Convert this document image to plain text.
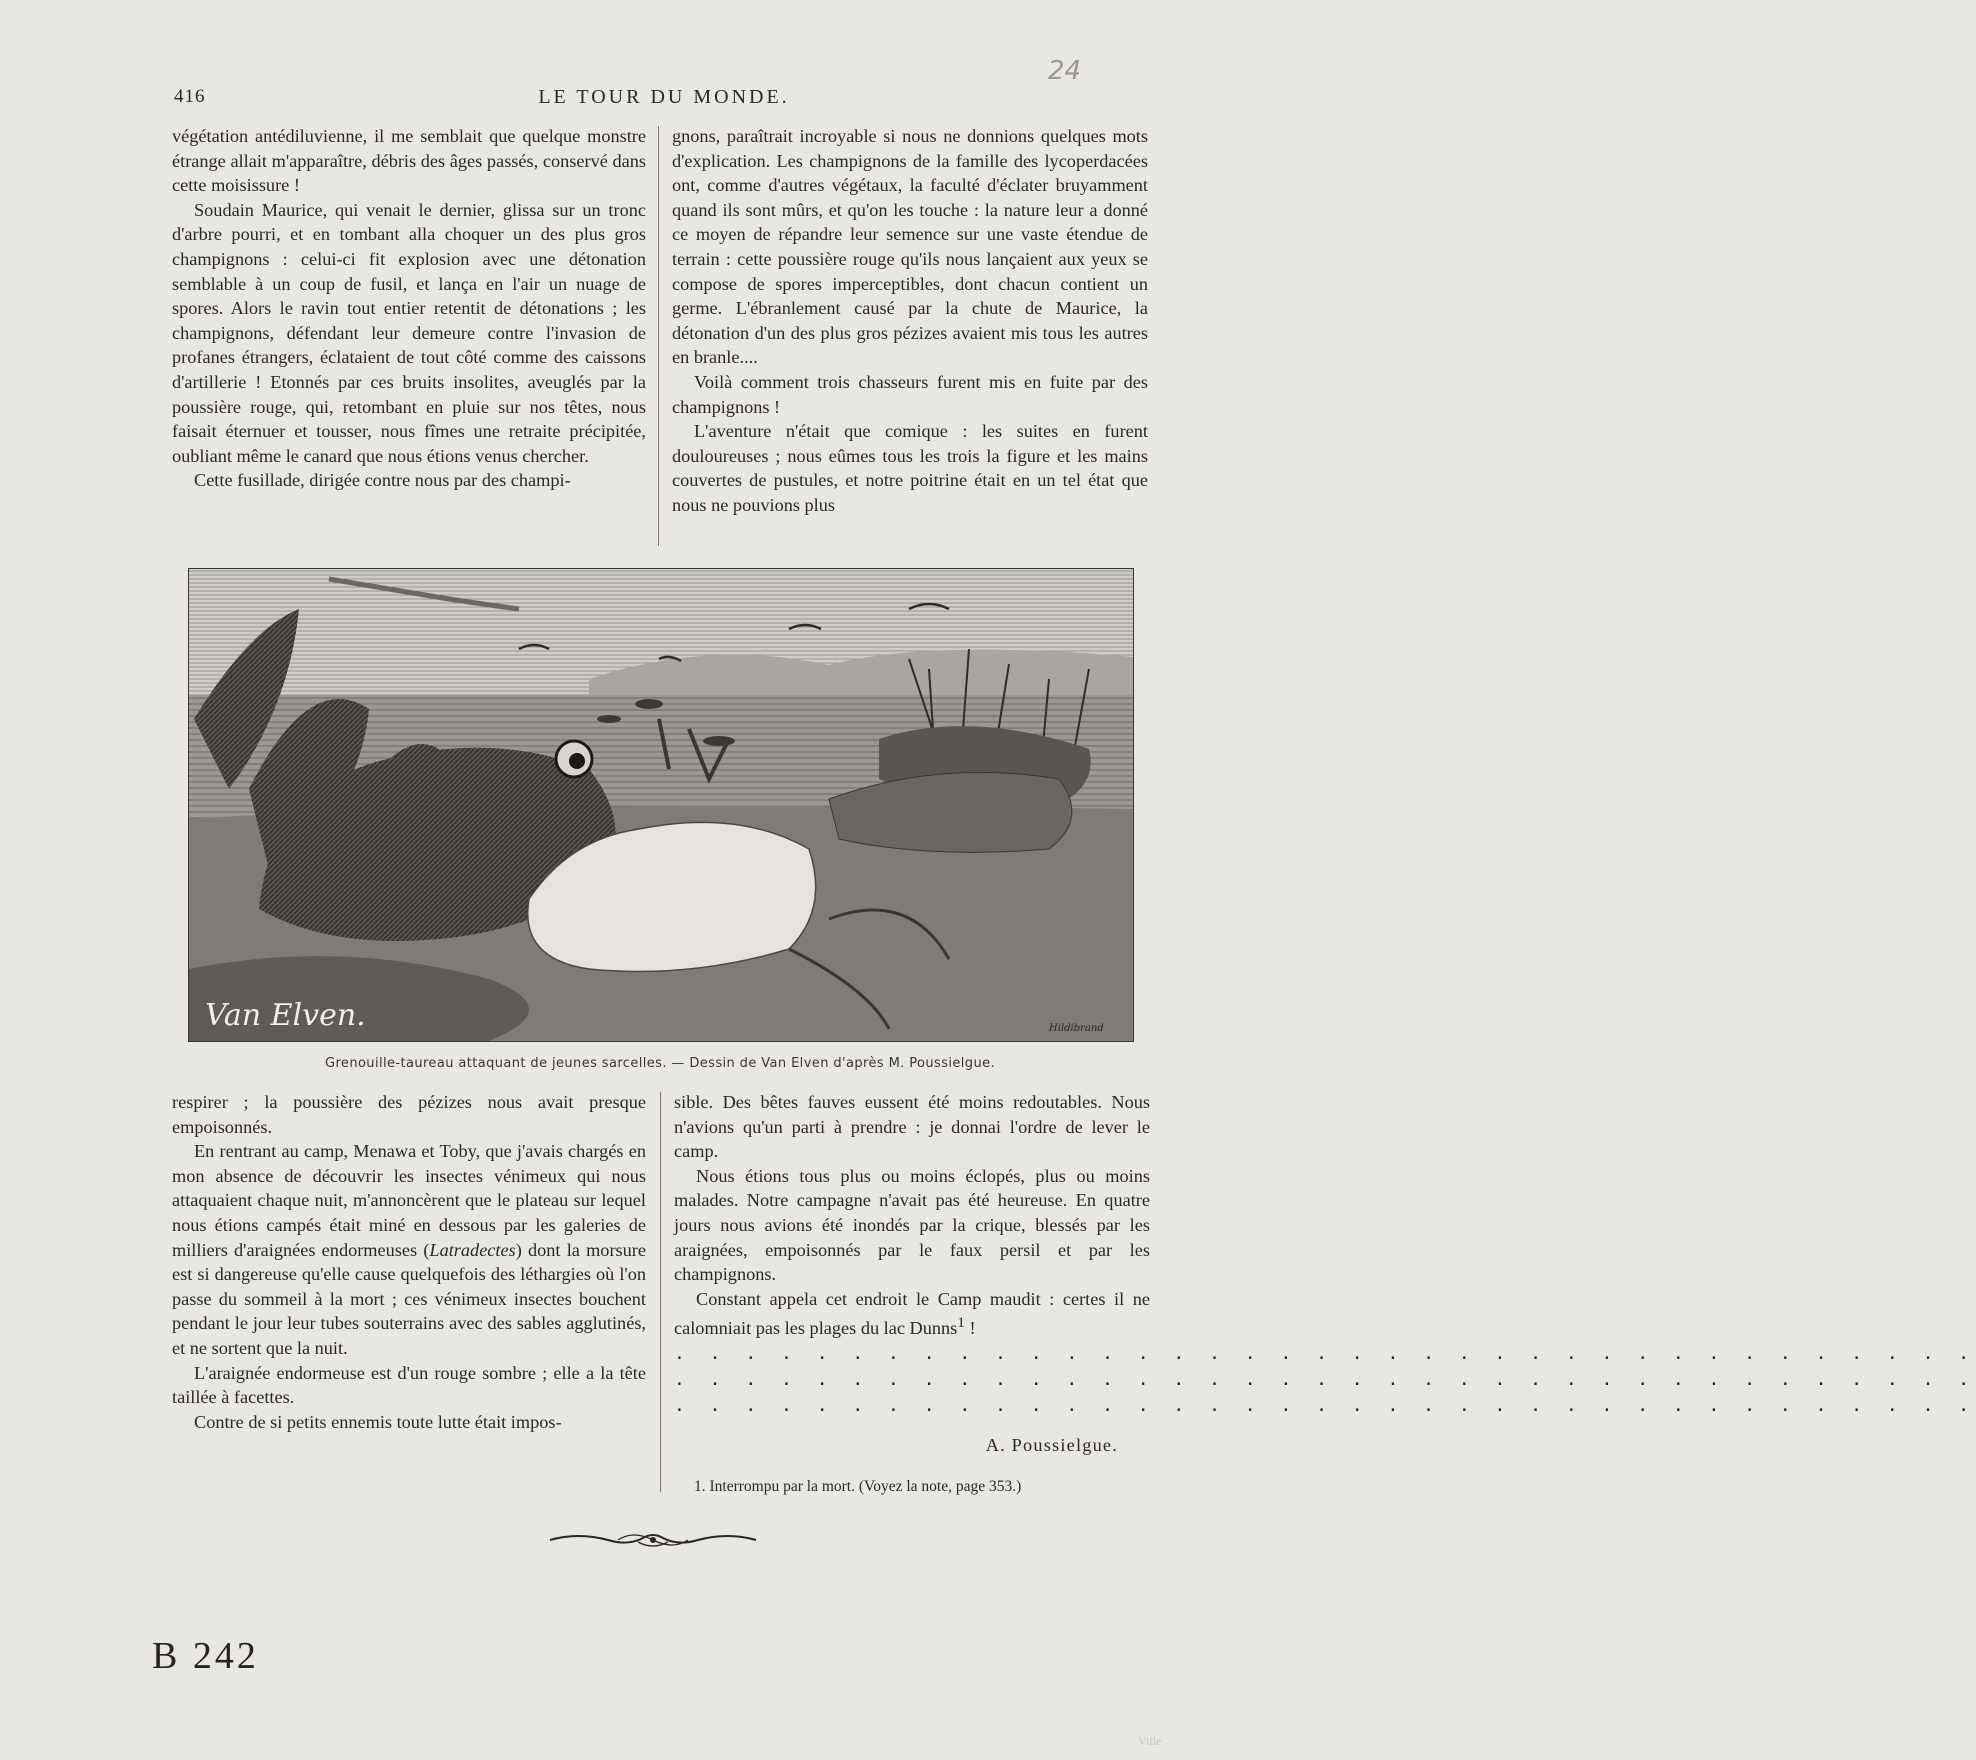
416	LE TOUR DU MONDE.
24

végétation antédiluvienne, il me semblait que quelque monstre étrange allait m'apparaître, débris des âges passés, conservé dans cette moisissure !

Soudain Maurice, qui venait le dernier, glissa sur un tronc d'arbre pourri, et en tombant alla choquer un des plus gros champignons : celui-ci fit explosion avec une détonation semblable à un coup de fusil, et lança en l'air un nuage de spores. Alors le ravin tout entier retentit de détonations ; les champignons, défendant leur demeure contre l'invasion de profanes étrangers, éclataient de tout côté comme des caissons d'artillerie ! Etonnés par ces bruits insolites, aveuglés par la poussière rouge, qui, retombant en pluie sur nos têtes, nous faisait éternuer et tousser, nous fîmes une retraite précipitée, oubliant même le canard que nous étions venus chercher.

Cette fusillade, dirigée contre nous par des champi-

gnons, paraîtrait incroyable si nous ne donnions quelques mots d'explication. Les champignons de la famille des lycoperdacées ont, comme d'autres végétaux, la faculté d'éclater bruyamment quand ils sont mûrs, et qu'on les touche : la nature leur a donné ce moyen de répandre leur semence sur une vaste étendue de terrain : cette poussière rouge qu'ils nous lançaient aux yeux se compose de spores imperceptibles, dont chacun contient un germe. L'ébranlement causé par la chute de Maurice, la détonation d'un des plus gros pézizes avaient mis tous les autres en branle....

Voilà comment trois chasseurs furent mis en fuite par des champignons !

L'aventure n'était que comique : les suites en furent douloureuses ; nous eûmes tous les trois la figure et les mains couvertes de pustules, et notre poitrine était en un tel état que nous ne pouvions plus

Van Elven.	Hildibrand
Grenouille-taureau attaquant de jeunes sarcelles. — Dessin de Van Elven d'après M. Poussielgue.

respirer ; la poussière des pézizes nous avait presque empoisonnés.

En rentrant au camp, Menawa et Toby, que j'avais chargés en mon absence de découvrir les insectes vénimeux qui nous attaquaient chaque nuit, m'annoncèrent que le plateau sur lequel nous étions campés était miné en dessous par les galeries de milliers d'araignées endormeuses (Latradectes) dont la morsure est si dangereuse qu'elle cause quelquefois des léthargies où l'on passe du sommeil à la mort ; ces vénimeux insectes bouchent pendant le jour leur tubes souterrains avec des sables agglutinés, et ne sortent que la nuit.

L'araignée endormeuse est d'un rouge sombre ; elle a la tête taillée à facettes.

Contre de si petits ennemis toute lutte était impos-

sible. Des bêtes fauves eussent été moins redoutables. Nous n'avions qu'un parti à prendre : je donnai l'ordre de lever le camp.

Nous étions tous plus ou moins éclopés, plus ou moins malades. Notre campagne n'avait pas été heureuse. En quatre jours nous avions été inondés par la crique, blessés par les araignées, empoisonnés par le faux persil et par les champignons.

Constant appela cet endroit le Camp maudit : certes il ne calomniait pas les plages du lac Dunns$^1$ !

. . . . . . . . . . . . . . . . . . . . . . . . . . . . . . . . . . . . .

. . . . . . . . . . . . . . . . . . . . . . . . . . . . . . . . . . . . .

. . . . . . . . . . . . . . . . . . . . . . . . . . . . . . . . . . . . .

A. Poussielgue.

1. Interrompu par la mort. (Voyez la note, page 353.)

B 242
Ville
